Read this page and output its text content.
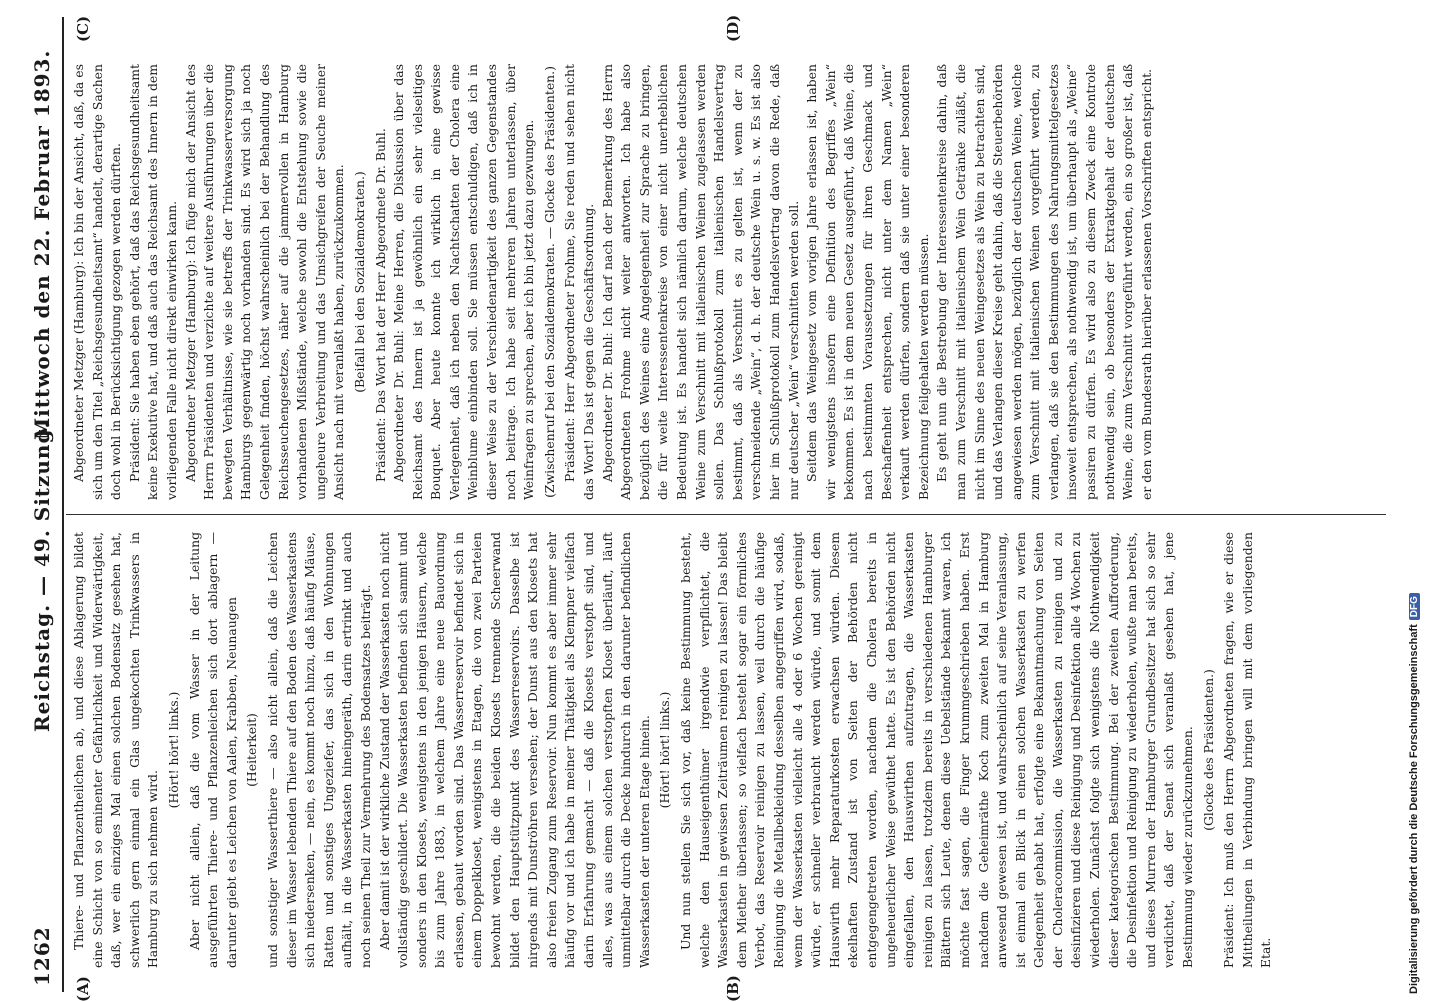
1262
Reichstag. — 49. Sitzung.
Mittwoch den 22. Februar 1893.
(A)	(B)
(C)	(D)

Thiere- und Pflanzentheilchen ab, und diese Ablagerung bildet eine Schicht von so eminenter Gefährlichkeit und Widerwärtigkeit, daß, wer ein einziges Mal einen solchen Bodensatz gesehen hat, schwerlich gern einmal ein Glas ungekochten Trinkwassers in Hamburg zu sich nehmen wird.

(Hört! hört! links.) Aber nicht allein, daß die vom Wasser in der Leitung ausgeführten Thiere- und Pflanzenleichen sich dort ablagern — darunter giebt es Leichen von Aalen, Krabben, Neunaugen (Heiterkeit) und sonstiger Wasserthiere — also nicht allein, daß die Leichen dieser im Wasser lebenden Thiere auf den Boden des Wasserkastens sich niedersenken, — nein, es kommt noch hinzu, daß häufig Mäuse, Ratten und sonstiges Ungeziefer, das sich in den Wohnungen aufhält, in die Wasserkasten hineingeräth, darin ertrinkt und auch noch seinen Theil zur Vermehrung des Bodensatzes beiträgt. Aber damit ist der wirkliche Zustand der Wasserkasten noch nicht vollständig geschildert. Die Wasserkasten befinden sich sammt und sonders in den Klosets, wenigstens in den jenigen Häusern, welche bis zum Jahre 1883, in welchem Jahre eine neue Bauordnung erlassen, gebaut worden sind. Das Wasserreservoir befindet sich in einem Doppelkloset, wenigstens in Etagen, die von zwei Parteien bewohnt werden, die die beiden Klosets trennende Scheerwand bildet den Hauptstützpunkt des Wasserreservoirs. Dasselbe ist nirgends mit Dunströhren versehen; der Dunst aus den Klosets hat also freien Zugang zum Reservoir. Nun kommt es aber immer sehr häufig vor und ich habe in meiner Thätigkeit als Klempner vielfach darin Erfahrung gemacht — daß die Klosets verstopft sind, und alles, was aus einem solchen verstopften Kloset überläuft, läuft unmittelbar durch die Decke hindurch in den darunter befindlichen Wasserkasten der unteren Etage hinein. (Hört! hört! links.) Und nun stellen Sie sich vor, daß keine Bestimmung besteht, welche den Hauseigenthümer irgendwie verpflichtet, die Wasserkasten in gewissen Zeiträumen reinigen zu lassen! Das bleibt dem Miether überlassen; so vielfach besteht sogar ein förmliches Verbot, das Reservoir reinigen zu lassen, weil durch die häufige Reinigung die Metallbekleidung desselben angegriffen wird, sodaß, wenn der Wasserkasten vielleicht alle 4 oder 6 Wochen gereinigt würde, er schneller verbraucht werden würde, und somit dem Hauswirth mehr Reparaturkosten erwachsen würden. Diesem ekelhaften Zustand ist von Seiten der Behörden nicht entgegengetreten worden, nachdem die Cholera bereits in ungeheuerlicher Weise gewüthet hatte. Es ist den Behörden nicht eingefallen, den Hauswirthen aufzutragen, die Wasserkasten reinigen zu lassen, trotzdem bereits in verschiedenen Hamburger Blättern sich Leute, denen diese Uebelstände bekannt waren, ich möchte fast sagen, die Finger krummgeschrieben haben. Erst nachdem die Geheimräthe Koch zum zweiten Mal in Hamburg anwesend gewesen ist, und wahrscheinlich auf seine Veranlassung, ist einmal ein Blick in einen solchen Wasserkasten zu werfen Gelegenheit gehabt hat, erfolgte eine Bekanntmachung von Seiten der Choleracommission, die Wasserkasten zu reinigen und zu desinfizieren und diese Reinigung und Desinfektion alle 4 Wochen zu wiederholen. Zunächst folgte sich wenigstens die Nothwendigkeit dieser kategorischen Bestimmung. Bei der zweiten Aufforderung, die Desinfektion und Reinigung zu wiederholen, wußte man bereits, und dieses Murren der Hamburger Grundbesitzer hat sich so sehr verdichtet, daß der Senat sich veranlaßt gesehen hat, jene Bestimmung wieder zurückzunehmen. (Glocke des Präsidenten.) Präsident: Ich muß den Herrn Abgeordneten fragen, wie er diese Mittheilungen in Verbindung bringen will mit dem vorliegenden Etat.

Abgeordneter Metzger (Hamburg): Ich bin der Ansicht, daß, da es sich um den Titel „Reichsgesundheitsamt“ handelt, derartige Sachen doch wohl in Berücksichtigung gezogen werden dürften. Präsident: Sie haben eben gehört, daß das Reichsgesundheitsamt keine Exekutive hat, und daß auch das Reichsamt des Innern in dem vorliegenden Falle nicht direkt einwirken kann. Abgeordneter Metzger (Hamburg): Ich füge mich der Ansicht des Herrn Präsidenten und verzichte auf weitere Ausführungen über die bewegten Verhältnisse, wie sie betreffs der Trinkwasserversorgung Hamburgs gegenwärtig noch vorhanden sind. Es wird sich ja noch Gelegenheit finden, höchst wahrscheinlich bei der Behandlung des Reichsseuchengesetzes, näher auf die jammervollen in Hamburg vorhandenen Mißstände, welche sowohl die Entstehung sowie die ungeheure Verbreitung und das Umsichgreifen der Seuche meiner Ansicht nach mit veranlaßt haben, zurückzukommen. (Beifall bei den Sozialdemokraten.) Präsident: Das Wort hat der Herr Abgeordnete Dr. Buhl. Abgeordneter Dr. Buhl: Meine Herren, die Diskussion über das Reichsamt des Innern ist ja gewöhnlich ein sehr vielseitiges Bouquet. Aber heute konnte ich wirklich in eine gewisse Verlegenheit, daß ich neben den Nachtschatten der Cholera eine Weinblume einbinden soll. Sie müssen entschuldigen, daß ich in dieser Weise zu der Verschiedenartigkeit des ganzen Gegenstandes noch beitrage. Ich habe seit mehreren Jahren unterlassen, über Weinfragen zu sprechen, aber ich bin jetzt dazu gezwungen. (Zwischenruf bei den Sozialdemokraten. — Glocke des Präsidenten.) Präsident: Herr Abgeordneter Frohme, Sie reden und sehen nicht das Wort! Das ist gegen die Geschäftsordnung. Abgeordneter Dr. Buhl: Ich darf nach der Bemerkung des Herrn Abgeordneten Frohme nicht weiter antworten. Ich habe also bezüglich des Weines eine Angelegenheit zur Sprache zu bringen, die für weite Interessentenkreise von einer nicht unerheblichen Bedeutung ist. Es handelt sich nämlich darum, welche deutschen Weine zum Verschnitt mit italienischen Weinen zugelassen werden sollen. Das Schlußprotokoll zum italienischen Handelsvertrag bestimmt, daß als Verschnitt es zu gelten ist, wenn der zu verschneidende „Wein“, d. h. der deutsche Wein u. s. w. Es ist also hier im Schlußprotokoll zum Handelsvertrag davon die Rede, daß nur deutscher „Wein“ verschnitten werden soll. Seitdem das Weingesetz vom vorigen Jahre erlassen ist, haben wir wenigstens insofern eine Definition des Begriffes „Wein“ bekommen. Es ist in dem neuen Gesetz ausgeführt, daß Weine, die nach bestimmten Voraussetzungen für ihren Geschmack und Beschaffenheit entsprechen, nicht unter dem Namen „Wein“ verkauft werden dürfen, sondern daß sie unter einer besonderen Bezeichnung feilgehalten werden müssen. Es geht nun die Bestrebung der Interessentenkreise dahin, daß man zum Verschnitt mit italienischem Wein Getränke zuläßt, die nicht im Sinne des neuen Weingesetzes als Wein zu betrachten sind, und das Verlangen dieser Kreise geht dahin, daß die Steuerbehörden angewiesen werden mögen, bezüglich der deutschen Weine, welche zum Verschnitt mit italienischen Weinen vorgeführt werden, zu verlangen, daß sie den Bestimmungen des Nahrungsmittelgesetzes insoweit entsprechen, als nothwendig ist, um überhaupt als „Weine“ passiren zu dürfen. Es wird also zu diesem Zweck eine Kontrole nothwendig sein, ob besonders der Extraktgehalt der deutschen Weine, die zum Verschnitt vorgeführt werden, ein so großer ist, daß er den vom Bundesrath hierüber erlassenen Vorschriften entspricht.

Digitalisierung gefördert durch die Deutsche ForschungsgemeinschaftDFG
